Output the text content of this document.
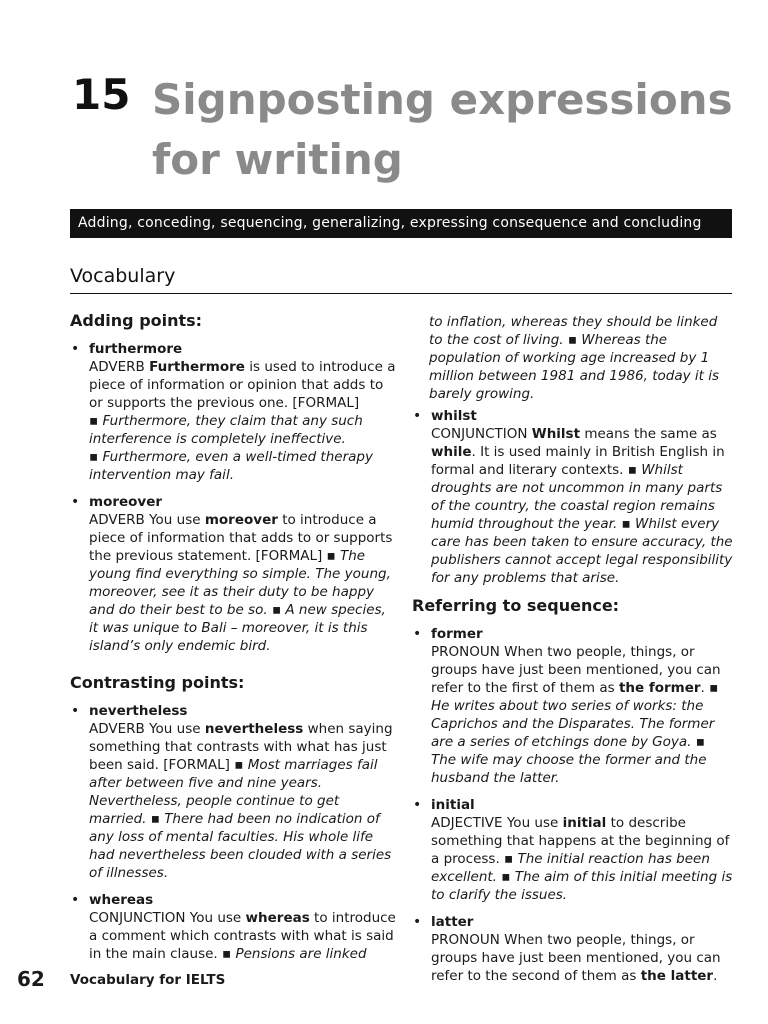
15 Signposting expressions for writing
Adding, conceding, sequencing, generalizing, expressing consequence and concluding
Vocabulary
Adding points:
• furthermore
ADVERB Furthermore is used to introduce a piece of information or opinion that adds to or supports the previous one. [FORMAL]
▪ Furthermore, they claim that any such interference is completely ineffective.
▪ Furthermore, even a well-timed therapy intervention may fail.
• moreover
ADVERB You use moreover to introduce a piece of information that adds to or supports the previous statement. [FORMAL] ▪ The young find everything so simple. The young, moreover, see it as their duty to be happy and do their best to be so. ▪ A new species, it was unique to Bali – moreover, it is this island’s only endemic bird.
Contrasting points:
• nevertheless
ADVERB You use nevertheless when saying something that contrasts with what has just been said. [FORMAL] ▪ Most marriages fail after between five and nine years. Nevertheless, people continue to get married. ▪ There had been no indication of any loss of mental faculties. His whole life had nevertheless been clouded with a series of illnesses.
• whereas
CONJUNCTION You use whereas to introduce a comment which contrasts with what is said in the main clause. ▪ Pensions are linked
to inflation, whereas they should be linked to the cost of living. ▪ Whereas the population of working age increased by 1 million between 1981 and 1986, today it is barely growing.
• whilst
CONJUNCTION Whilst means the same as while. It is used mainly in British English in formal and literary contexts. ▪ Whilst droughts are not uncommon in many parts of the country, the coastal region remains humid throughout the year. ▪ Whilst every care has been taken to ensure accuracy, the publishers cannot accept legal responsibility for any problems that arise.
Referring to sequence:
• former
PRONOUN When two people, things, or groups have just been mentioned, you can refer to the first of them as the former. ▪ He writes about two series of works: the Caprichos and the Disparates. The former are a series of etchings done by Goya. ▪ The wife may choose the former and the husband the latter.
• initial
ADJECTIVE You use initial to describe something that happens at the beginning of a process. ▪ The initial reaction has been excellent. ▪ The aim of this initial meeting is to clarify the issues.
• latter
PRONOUN When two people, things, or groups have just been mentioned, you can refer to the second of them as the latter.
62 Vocabulary for IELTS
